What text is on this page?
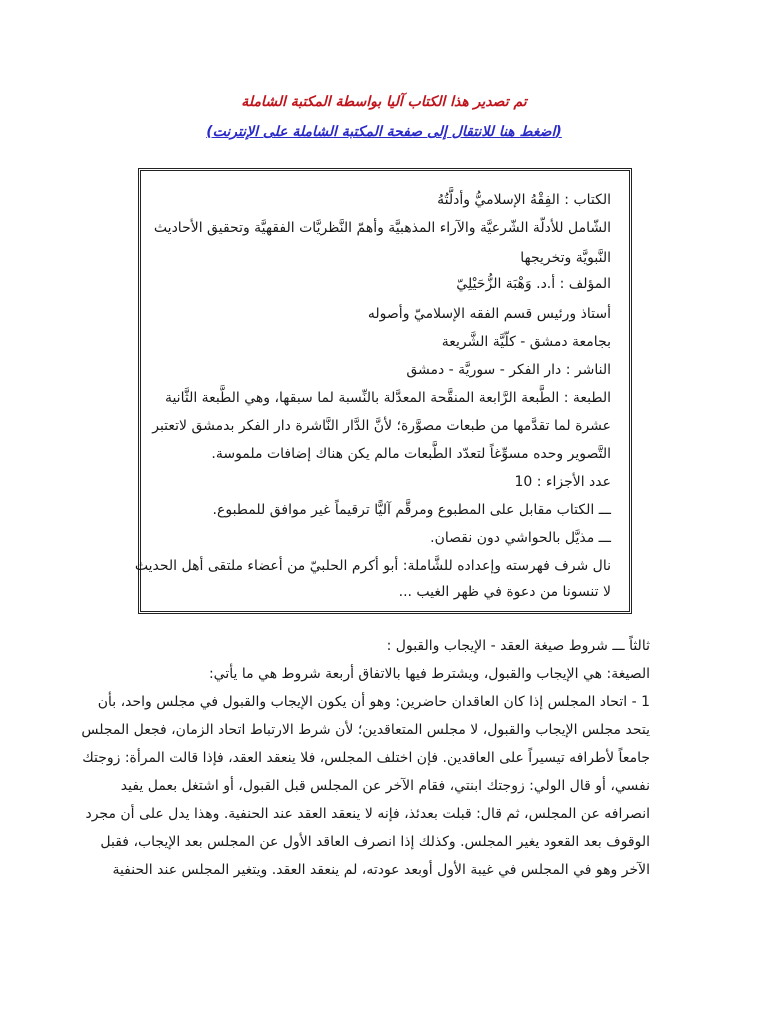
تم تصدير هذا الكتاب آليا بواسطة المكتبة الشاملة
(اضغط هنا للانتقال إلى صفحة المكتبة الشاملة على الإنترنت)
الكتاب : الفِقْهُ الإسلاميُّ وأدلَّتُهُ
الشّامل للأدلّة الشّرعيَّة والآراء المذهبيَّة وأهمّ النَّظريَّات الفقهيَّة وتحقيق الأحاديث
النَّبويَّة وتخريجها
المؤلف : أ.د. وَهْبَة الزُّحَيْلِيّ
أستاذ ورئيس قسم الفقه الإسلاميّ وأصوله
بجامعة دمشق - كلّيَّة الشَّريعة
الناشر : دار الفكر - سوريَّة - دمشق
الطبعة : الطَّبعة الرَّابعة المنقَّحة المعدَّلة بالنِّسبة لما سبقها، وهي الطَّبعة الثَّانية
عشرة لما تقدَّمها من طبعات مصوَّرة؛ لأنَّ الدَّار النَّاشرة دار الفكر بدمشق لاتعتبر
التَّصوير وحده مسوِّغاً لتعدّد الطَّبعات مالم يكن هناك إضافات ملموسة.
عدد الأجزاء : 10
ـــ الكتاب مقابل على المطبوع ومرقَّم آليًّا ترقيماً غير موافق للمطبوع.
ـــ مذيَّل بالحواشي دون نقصان.
نال شرف فهرسته وإعداده للشَّاملة: أبو أكرم الحلبيّ من أعضاء ملتقى أهل الحديث
لا تنسونا من دعوة في ظهر الغيب ...
ثالثاً ـــ شروط صيغة العقد - الإيجاب والقبول :
الصيغة: هي الإيجاب والقبول، ويشترط فيها بالاتفاق أربعة شروط هي ما يأتي:
1 - اتحاد المجلس إذا كان العاقدان حاضرين: وهو أن يكون الإيجاب والقبول في مجلس واحد، بأن
يتحد مجلس الإيجاب والقبول، لا مجلس المتعاقدين؛ لأن شرط الارتباط اتحاد الزمان، فجعل المجلس
جامعاً لأطرافه تيسيراً على العاقدين. فإن اختلف المجلس، فلا ينعقد العقد، فإذا قالت المرأة: زوجتك
نفسي، أو قال الولي: زوجتك ابنتي، فقام الآخر عن المجلس قبل القبول، أو اشتغل بعمل يفيد
انصرافه عن المجلس، ثم قال: قبلت بعدئذ، فإنه لا ينعقد العقد عند الحنفية. وهذا يدل على أن مجرد
الوقوف بعد القعود يغير المجلس. وكذلك إذا انصرف العاقد الأول عن المجلس بعد الإيجاب، فقبل
الآخر وهو في المجلس في غيبة الأول أوبعد عودته، لم ينعقد العقد. ويتغير المجلس عند الحنفية
